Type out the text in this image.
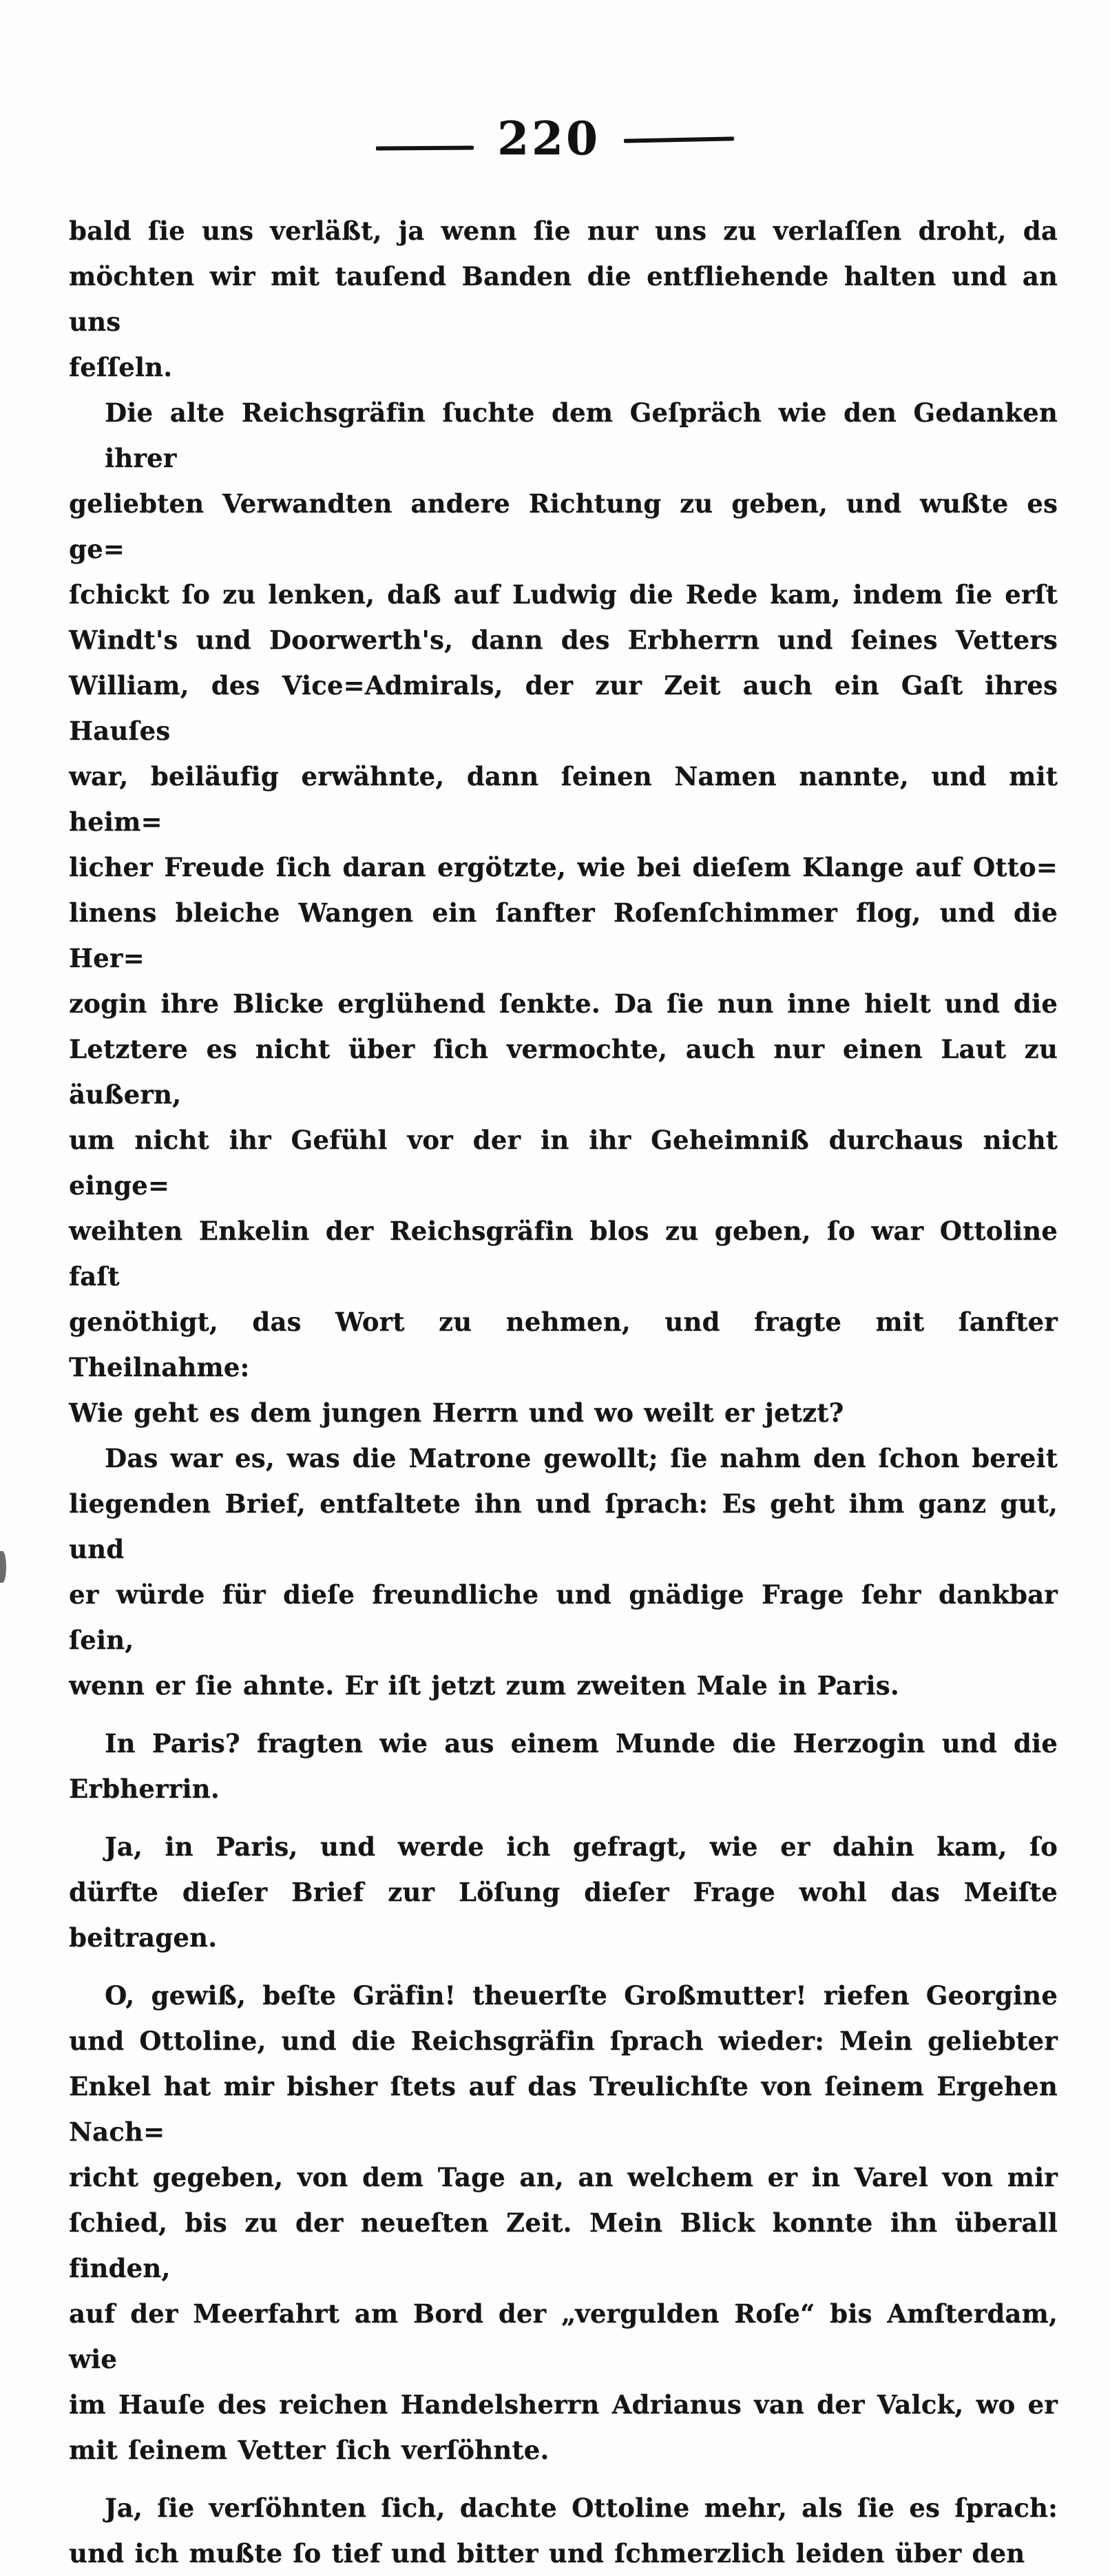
220

bald ſie uns verläßt, ja wenn ſie nur uns zu verlaſſen droht, da
möchten wir mit tauſend Banden die entfliehende halten und an uns
feſſeln.

Die alte Reichsgräfin ſuchte dem Geſpräch wie den Gedanken ihrer
geliebten Verwandten andere Richtung zu geben, und wußte es ge=
ſchickt ſo zu lenken, daß auf Ludwig die Rede kam, indem ſie erſt
Windt's und Doorwerth's, dann des Erbherrn und ſeines Vetters
William, des Vice=Admirals, der zur Zeit auch ein Gaſt ihres Hauſes
war, beiläufig erwähnte, dann ſeinen Namen nannte, und mit heim=
licher Freude ſich daran ergötzte, wie bei dieſem Klange auf Otto=
linens bleiche Wangen ein ſanfter Roſenſchimmer flog, und die Her=
zogin ihre Blicke erglühend ſenkte. Da ſie nun inne hielt und die
Letztere es nicht über ſich vermochte, auch nur einen Laut zu äußern,
um nicht ihr Gefühl vor der in ihr Geheimniß durchaus nicht einge=
weihten Enkelin der Reichsgräfin blos zu geben, ſo war Ottoline faſt
genöthigt, das Wort zu nehmen, und fragte mit ſanfter Theilnahme:
Wie geht es dem jungen Herrn und wo weilt er jetzt?

Das war es, was die Matrone gewollt; ſie nahm den ſchon bereit
liegenden Brief, entfaltete ihn und ſprach: Es geht ihm ganz gut, und
er würde für dieſe freundliche und gnädige Frage ſehr dankbar ſein,
wenn er ſie ahnte. Er iſt jetzt zum zweiten Male in Paris.

In Paris? fragten wie aus einem Munde die Herzogin und die
Erbherrin.

Ja, in Paris, und werde ich gefragt, wie er dahin kam, ſo
dürfte dieſer Brief zur Löſung dieſer Frage wohl das Meiſte beitragen.

O, gewiß, beſte Gräfin! theuerſte Großmutter! riefen Georgine
und Ottoline, und die Reichsgräfin ſprach wieder: Mein geliebter
Enkel hat mir bisher ſtets auf das Treulichſte von ſeinem Ergehen Nach=
richt gegeben, von dem Tage an, an welchem er in Varel von mir
ſchied, bis zu der neueſten Zeit. Mein Blick konnte ihn überall finden,
auf der Meerfahrt am Bord der „vergulden Roſe“ bis Amſterdam, wie
im Hauſe des reichen Handelsherrn Adrianus van der Valck, wo er
mit ſeinem Vetter ſich verſöhnte.

Ja, ſie verſöhnten ſich, dachte Ottoline mehr, als ſie es ſprach:
und ich mußte ſo tief und bitter und ſchmerzlich leiden über den
